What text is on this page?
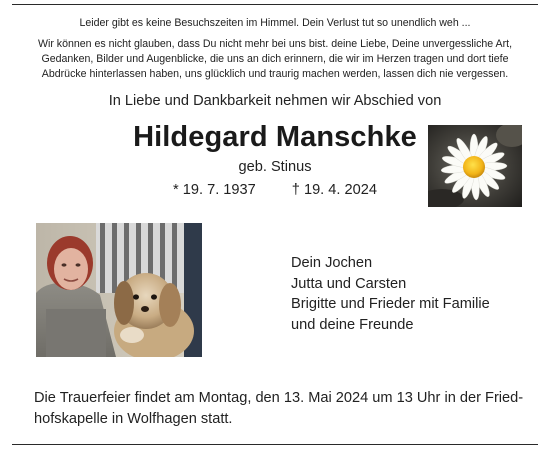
Leider gibt es keine Besuchszeiten im Himmel. Dein Verlust tut so unendlich weh ...
Wir können es nicht glauben, dass Du nicht mehr bei uns bist. deine Liebe, Deine unvergessliche Art,
Gedanken, Bilder und Augenblicke, die uns an dich erinnern, die wir im Herzen tragen und dort tiefe
Abdrücke hinterlassen haben, uns glücklich und traurig machen werden, lassen dich nie vergessen.
In Liebe und Dankbarkeit nehmen wir Abschied von
Hildegard Manschke
geb. Stinus
* 19. 7. 1937 † 19. 4. 2024
Dein Jochen
Jutta und Carsten
Brigitte und Frieder mit Familie
und deine Freunde
Die Trauerfeier findet am Montag, den 13. Mai 2024 um 13 Uhr in der Fried-
hofskapelle in Wolfhagen statt.
